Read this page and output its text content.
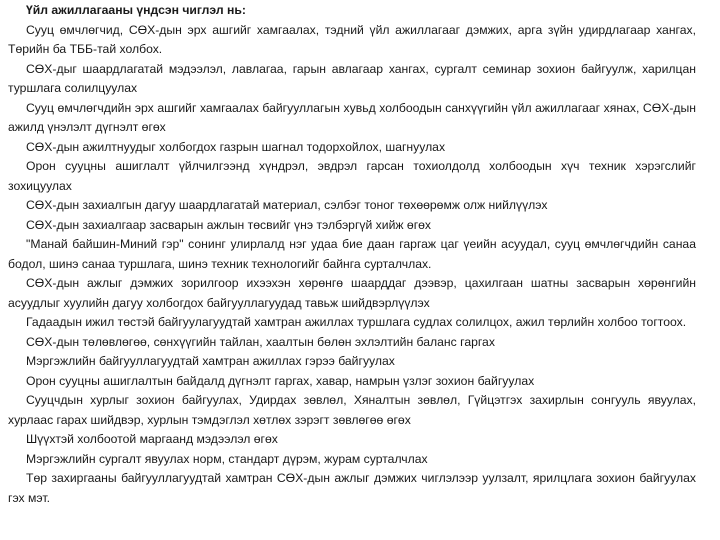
Үйл ажиллагааны үндсэн чиглэл нь:

Сууц өмчлөгчид, СӨХ-дын эрх ашгийг хамгаалах, тэдний үйл ажиллагааг дэмжих, арга зүйн удирдлагаар хангах, Төрийн ба ТББ-тай холбох.

СӨХ-дыг шаардлагатай мэдээлэл, лавлагаа, гарын авлагаар хангах, сургалт семинар зохион байгуулж, харилцан туршлага солилцуулах

Сууц өмчлөгчдийн эрх ашгийг хамгаалах байгууллагын хувьд холбоодын санхүүгийн үйл ажиллагааг хянах, СӨХ-дын ажилд үнэлэлт дүгнэлт өгөх

СӨХ-дын ажилтнуудыг холбогдох газрын шагнал тодорхойлох, шагнуулах

Орон сууцны ашиглалт үйлчилгээнд хүндрэл, эвдрэл гарсан тохиолдолд холбоодын хүч техник хэрэгслийг зохицуулах

СӨХ-дын захиалгын дагуу шаардлагатай материал, сэлбэг тоног төхөөрөмж олж нийлүүлэх

СӨХ-дын захиалгаар засварын ажлын төсвийг үнэ тэлбэргүй хийж өгөх

"Манай байшин-Миний гэр" сонинг улирлалд нэг удаа бие даан гаргаж цаг үеийн асуудал, сууц өмчлөгчдийн санаа бодол, шинэ санаа туршлага, шинэ техник технологийг байнга сурталчлах.

СӨХ-дын ажлыг дэмжих зорилгоор ихээхэн хөрөнгө шаарддаг дээвэр, цахилгаан шатны засварын хөрөнгийн асуудлыг хуулийн дагуу холбогдох байгууллагуудад тавьж шийдвэрлүүлэх

Гадаадын ижил төстэй байгуулагуудтай хамтран ажиллах туршлага судлах солилцох, ажил төрлийн холбоо тогтоох.

СӨХ-дын төлөвлөгөө, сөнхүүгийн тайлан, хаалтын бөлөн эхлэлтийн баланс гаргах

Мэргэжлийн байгууллагуудтай хамтран ажиллах гэрээ байгуулах

Орон сууцны ашиглалтын байдалд дүгнэлт гаргах, хавар, намрын үзлэг зохион байгуулах

Сууцчдын хурлыг зохион байгуулах, Удирдах зөвлөл, Хяналтын зөвлөл, Гүйцэтгэх захирлын сонгууль явуулах, хурлаас гарах шийдвэр, хурлын тэмдэглэл хөтлөх зэрэгт зөвлөгөө өгөх

Шүүхтэй холбоотой маргаанд мэдээлэл өгөх

Мэргэжлийн сургалт явуулах норм, стандарт дүрэм, журам сурталчлах

Төр захиргааны байгууллагуудтай хамтран СӨХ-дын ажлыг дэмжих чиглэлээр уулзалт, ярилцлага зохион байгуулах гэх мэт.
